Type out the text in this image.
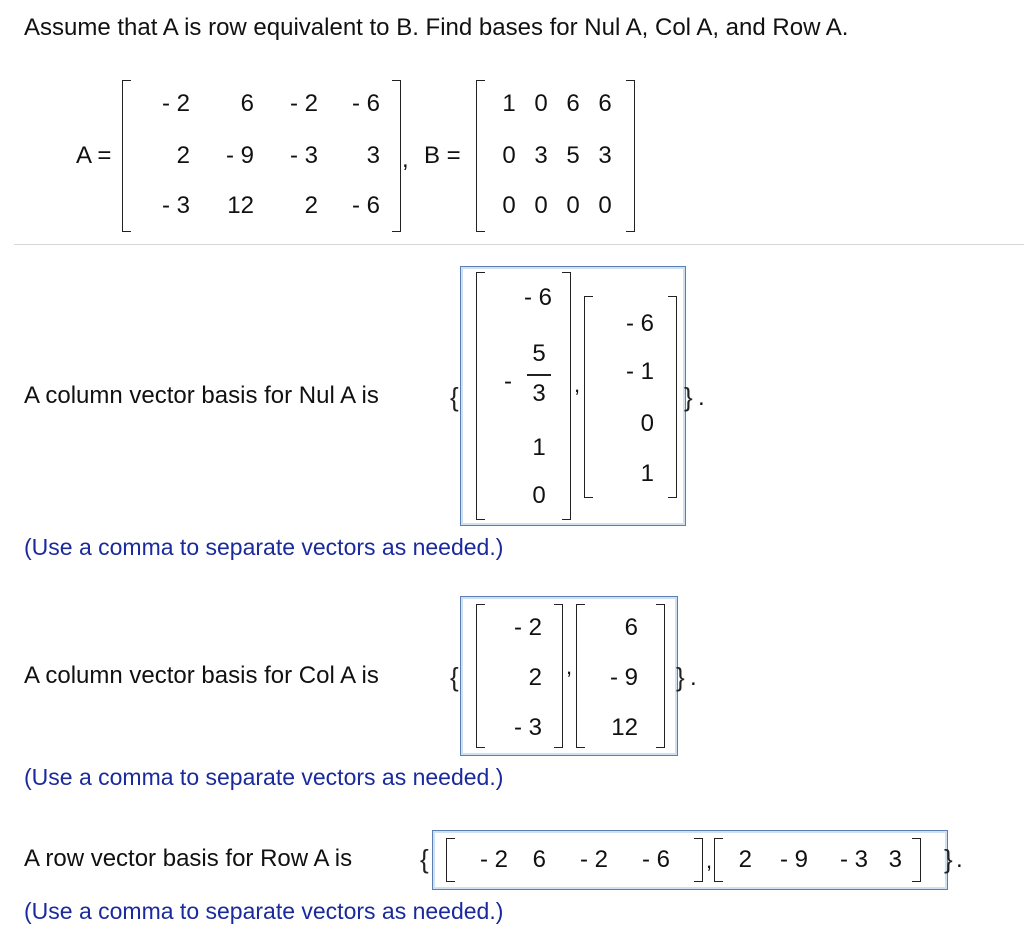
Assume that A is row equivalent to B. Find bases for Nul A, Col A, and Row A.
A =
- 2	6	- 2	- 6
2	- 9	- 3	3
- 3	12	2	- 6
, B =
1 0 6 6
0 3 5 3
0 0 0 0
A column vector basis for Nul A is	{
- 6
-
5
3
1
0
,
- 6
- 1
0
1
} .
(Use a comma to separate vectors as needed.)
A column vector basis for Col A is	{
- 2
2
- 3
,
6
- 9
12
} .
(Use a comma to separate vectors as needed.)
A row vector basis for Row A is	{	- 2	6	- 2	- 6 ,	2	- 9	- 3 3 } .
(Use a comma to separate vectors as needed.)
